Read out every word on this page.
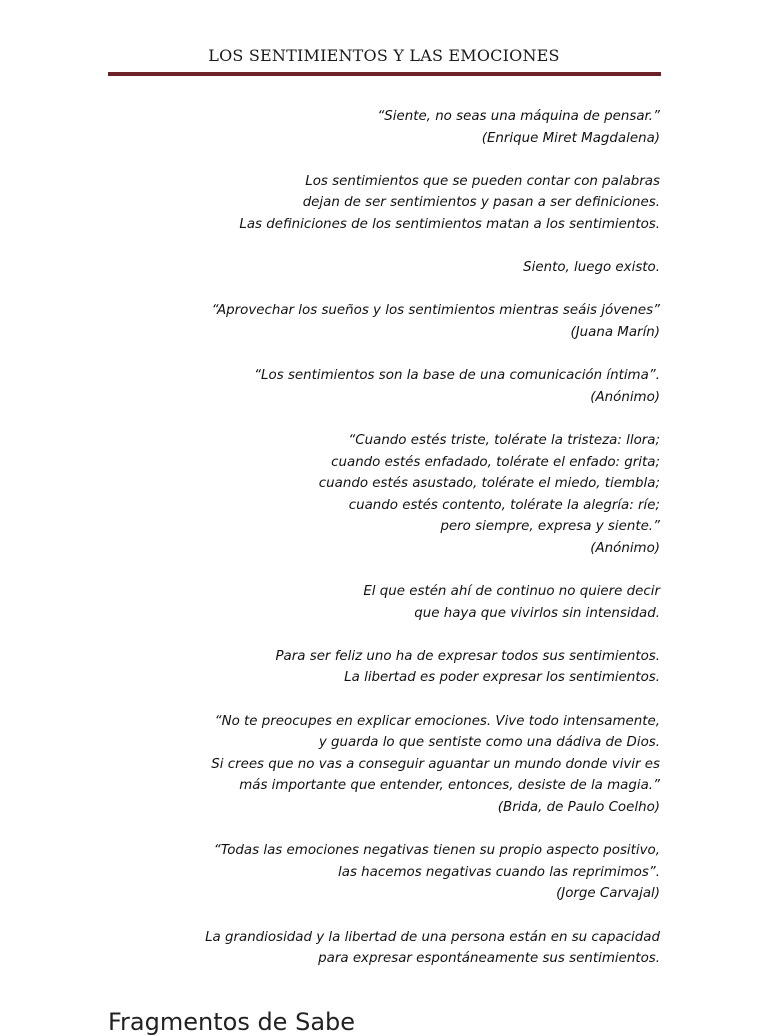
LOS SENTIMIENTOS Y LAS EMOCIONES
“Siente, no seas una máquina de pensar.”
(Enrique Miret Magdalena)
Los sentimientos que se pueden contar con palabras
dejan de ser sentimientos y pasan a ser definiciones.
Las definiciones de los sentimientos matan a los sentimientos.
Siento, luego existo.
“Aprovechar los sueños y los sentimientos mientras seáis jóvenes”
(Juana Marín)
“Los sentimientos son la base de una comunicación íntima”.
(Anónimo)
“Cuando estés triste, tolérate la tristeza: llora;
cuando estés enfadado, tolérate el enfado: grita;
cuando estés asustado, tolérate el miedo, tiembla;
cuando estés contento, tolérate la alegría: ríe;
pero siempre, expresa y siente.”
(Anónimo)
El que estén ahí de continuo no quiere decir
que haya que vivirlos sin intensidad.
Para ser feliz uno ha de expresar todos sus sentimientos.
La libertad es poder expresar los sentimientos.
“No te preocupes en explicar emociones. Vive todo intensamente,
y guarda lo que sentiste como una dádiva de Dios.
Si crees que no vas a conseguir aguantar un mundo donde vivir es
más importante que entender, entonces, desiste de la magia.”
(Brida, de Paulo Coelho)
“Todas las emociones negativas tienen su propio aspecto positivo,
las hacemos negativas cuando las reprimimos”.
(Jorge Carvajal)
La grandiosidad y la libertad de una persona están en su capacidad
para expresar espontáneamente sus sentimientos.
Fragmentos de Sabe
